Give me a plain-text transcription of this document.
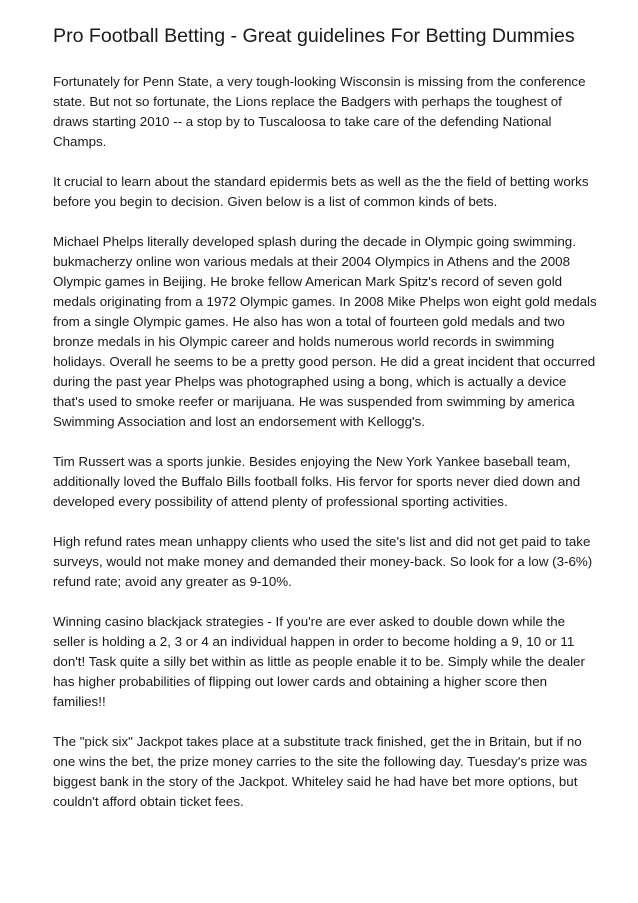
Pro Football Betting - Great guidelines For Betting Dummies

Fortunately for Penn State, a very tough-looking Wisconsin is missing from the conference state. But not so fortunate, the Lions replace the Badgers with perhaps the toughest of draws starting 2010 -- a stop by to Tuscaloosa to take care of the defending National Champs.

It crucial to learn about the standard epidermis bets as well as the the field of betting works before you begin to decision. Given below is a list of common kinds of bets.

Michael Phelps literally developed splash during the decade in Olympic going swimming. bukmacherzy online won various medals at their 2004 Olympics in Athens and the 2008 Olympic games in Beijing. He broke fellow American Mark Spitz's record of seven gold medals originating from a 1972 Olympic games. In 2008 Mike Phelps won eight gold medals from a single Olympic games. He also has won a total of fourteen gold medals and two bronze medals in his Olympic career and holds numerous world records in swimming holidays. Overall he seems to be a pretty good person. He did a great incident that occurred during the past year Phelps was photographed using a bong, which is actually a device that's used to smoke reefer or marijuana. He was suspended from swimming by america Swimming Association and lost an endorsement with Kellogg's.

Tim Russert was a sports junkie. Besides enjoying the New York Yankee baseball team, additionally loved the Buffalo Bills football folks. His fervor for sports never died down and developed every possibility of attend plenty of professional sporting activities.

High refund rates mean unhappy clients who used the site's list and did not get paid to take surveys, would not make money and demanded their money-back. So look for a low (3-6%) refund rate; avoid any greater as 9-10%.

Winning casino blackjack strategies - If you're are ever asked to double down while the seller is holding a 2, 3 or 4 an individual happen in order to become holding a 9, 10 or 11 don't! Task quite a silly bet within as little as people enable it to be. Simply while the dealer has higher probabilities of flipping out lower cards and obtaining a higher score then families!!

The "pick six" Jackpot takes place at a substitute track finished, get the in Britain, but if no one wins the bet, the prize money carries to the site the following day. Tuesday's prize was biggest bank in the story of the Jackpot. Whiteley said he had have bet more options, but couldn't afford obtain ticket fees.
